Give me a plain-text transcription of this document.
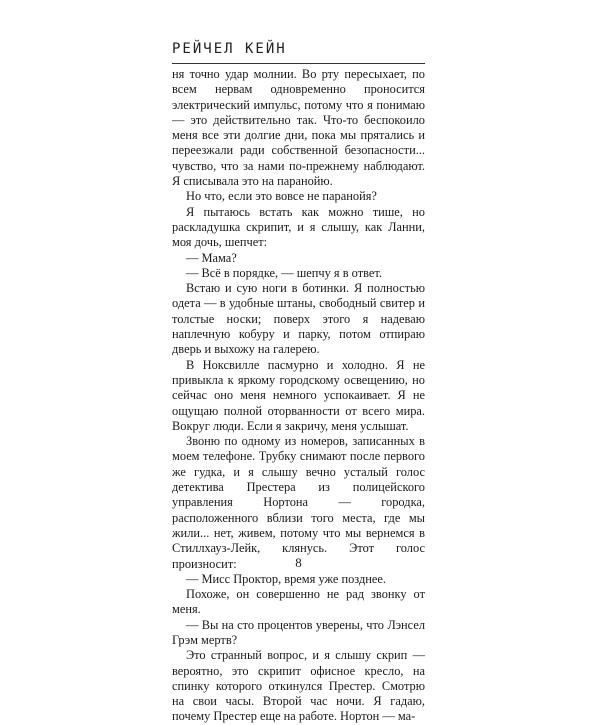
РЕЙЧЕЛ КЕЙН

ня точно удар молнии. Во рту пересыхает, по всем нервам одновременно проносится электрический импульс, потому что я понимаю — это действительно так. Что-то беспокоило меня все эти долгие дни, пока мы прятались и переезжали ради собственной безопасности... чувство, что за нами по-прежнему наблюдают. Я списывала это на паранойю.

Но что, если это вовсе не паранойя?

Я пытаюсь встать как можно тише, но раскладушка скрипит, и я слышу, как Ланни, моя дочь, шепчет:

— Мама?

— Всё в порядке, — шепчу я в ответ.

Встаю и сую ноги в ботинки. Я полностью одета — в удобные штаны, свободный свитер и толстые носки; поверх этого я надеваю наплечную кобуру и парку, потом отпираю дверь и выхожу на галерею.

В Ноксвилле пасмурно и холодно. Я не привыкла к яркому городскому освещению, но сейчас оно меня немного успокаивает. Я не ощущаю полной оторванности от всего мира. Вокруг люди. Если я закричу, меня услышат.

Звоню по одному из номеров, записанных в моем телефоне. Трубку снимают после первого же гудка, и я слышу вечно усталый голос детектива Престера из полицейского управления Нортона — городка, расположенного вблизи того места, где мы жили... нет, живем, потому что мы вернемся в Стиллхауз-Лейк, клянусь. Этот голос произносит:

— Мисс Проктор, время уже позднее.

Похоже, он совершенно не рад звонку от меня.

— Вы на сто процентов уверены, что Лэнсел Грэм мертв?

Это странный вопрос, и я слышу скрип — вероятно, это скрипит офисное кресло, на спинку которого откинулся Престер. Смотрю на свои часы. Второй час ночи. Я гадаю, почему Престер еще на работе. Нортон — ма-

8
